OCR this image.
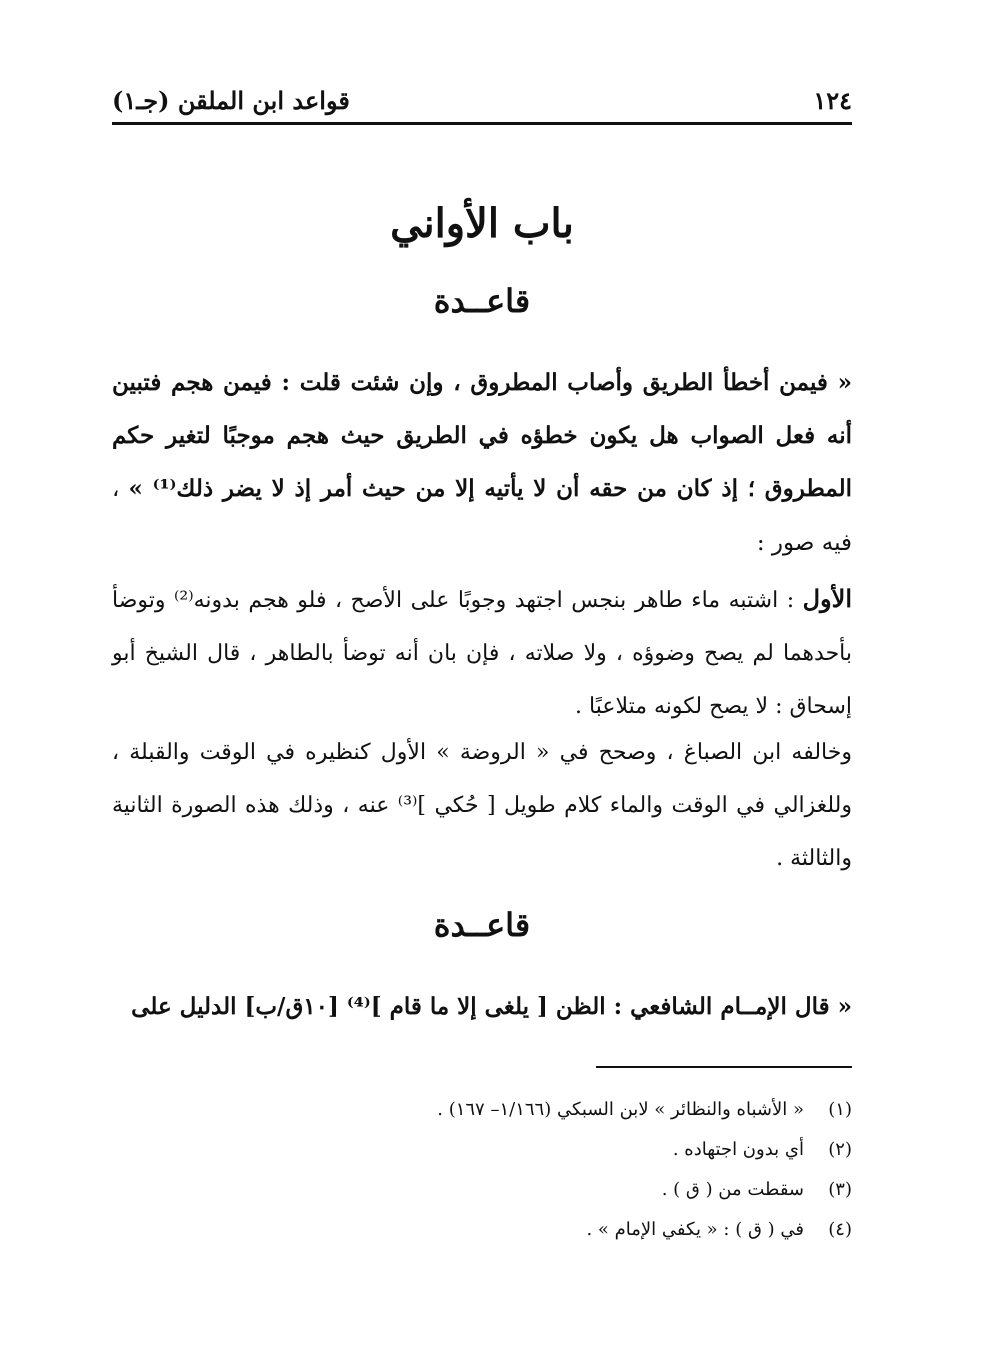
١٢٤
قواعد ابن الملقن (جـ١)
باب الأواني
قاعــدة

« فيمن أخطأ الطريق وأصاب المطروق ، وإن شئت قلت : فيمن هجم فتبين أنه فعل الصواب هل يكون خطؤه في الطريق حيث هجم موجبًا لتغير حكم المطروق ؛ إذ كان من حقه أن لا يأتيه إلا من حيث أمر إذ لا يضر ذلك⁽¹⁾ » ، فيه صور :

الأول : اشتبه ماء طاهر بنجس اجتهد وجوبًا على الأصح ، فلو هجم بدونه⁽²⁾ وتوضأ بأحدهما لم يصح وضوؤه ، ولا صلاته ، فإن بان أنه توضأ بالطاهر ، قال الشيخ أبو إسحاق : لا يصح لكونه متلاعبًا .

وخالفه ابن الصباغ ، وصحح في « الروضة » الأول كنظيره في الوقت والقبلة ، وللغزالي في الوقت والماء كلام طويل [ حُكي ]⁽³⁾ عنه ، وذلك هذه الصورة الثانية والثالثة .

قاعــدة

« قال الإمــام الشافعي : الظن [ يلغى إلا ما قام ]⁽⁴⁾ [١٠ق/ب] الدليل على

(١)
« الأشباه والنظائر » لابن السبكي (١/١٦٦– ١٦٧) .
(٢)
أي بدون اجتهاده .
(٣)
سقطت من ( ق ) .
(٤)
في ( ق ) : « يكفي الإمام » .
